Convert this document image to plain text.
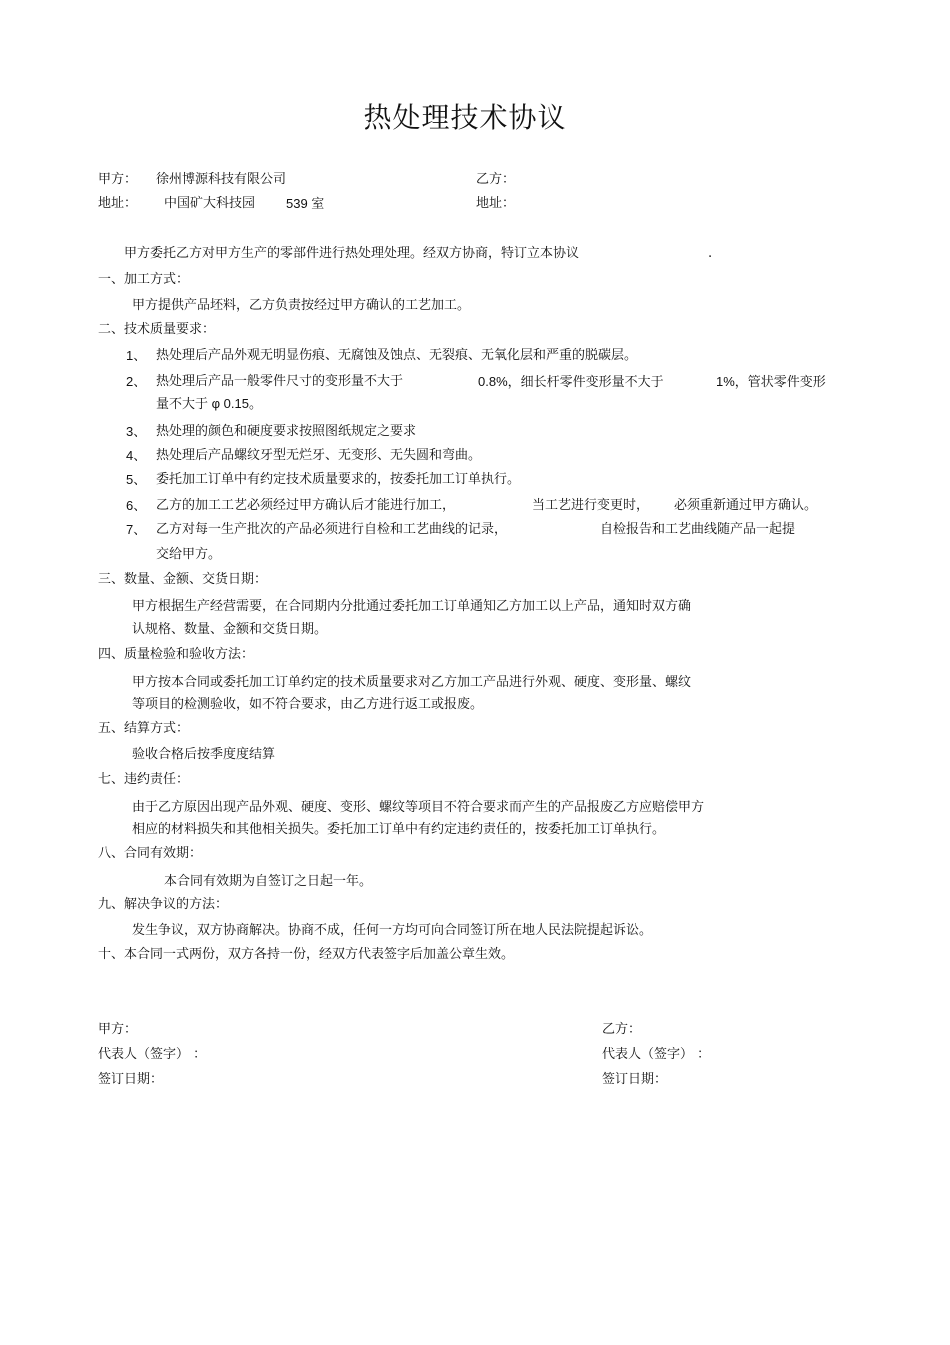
热处理技术协议
甲方： 徐州博源科技有限公司	乙方：
地址： 中国矿大科技园 539 室	地址：
甲方委托乙方对甲方生产的零部件进行热处理处理。经双方协商，特订立本协议	.
一、加工方式：
甲方提供产品坯料，乙方负责按经过甲方确认的工艺加工。
二、技术质量要求：
1、 热处理后产品外观无明显伤痕、无腐蚀及蚀点、无裂痕、无氧化层和严重的脱碳层。
2、 热处理后产品一般零件尺寸的变形量不大于	0.8%，细长杆零件变形量不大于	1%，管状零件变形
量不大于 φ 0.15。
3、 热处理的颜色和硬度要求按照图纸规定之要求
4、 热处理后产品螺纹牙型无烂牙、无变形、无失圆和弯曲。
5、 委托加工订单中有约定技术质量要求的，按委托加工订单执行。
6、 乙方的加工工艺必须经过甲方确认后才能进行加工，	当工艺进行变更时， 必须重新通过甲方确认。
7、 乙方对每一生产批次的产品必须进行自检和工艺曲线的记录，	自检报告和工艺曲线随产品一起提
交给甲方。
三、数量、金额、交货日期：
甲方根据生产经营需要，在合同期内分批通过委托加工订单通知乙方加工以上产品，通知时双方确
认规格、数量、金额和交货日期。
四、质量检验和验收方法：
甲方按本合同或委托加工订单约定的技术质量要求对乙方加工产品进行外观、硬度、变形量、螺纹
等项目的检测验收，如不符合要求，由乙方进行返工或报废。
五、结算方式：
验收合格后按季度度结算
七、违约责任：
由于乙方原因出现产品外观、硬度、变形、螺纹等项目不符合要求而产生的产品报废乙方应赔偿甲方
相应的材料损失和其他相关损失。委托加工订单中有约定违约责任的，按委托加工订单执行。
八、合同有效期：
本合同有效期为自签订之日起一年。
九、解决争议的方法：
发生争议，双方协商解决。协商不成，任何一方均可向合同签订所在地人民法院提起诉讼。
十、本合同一式两份，双方各持一份，经双方代表签字后加盖公章生效。
甲方：
代表人（签字） ：
签订日期：
乙方：
代表人（签字） ：
签订日期：
